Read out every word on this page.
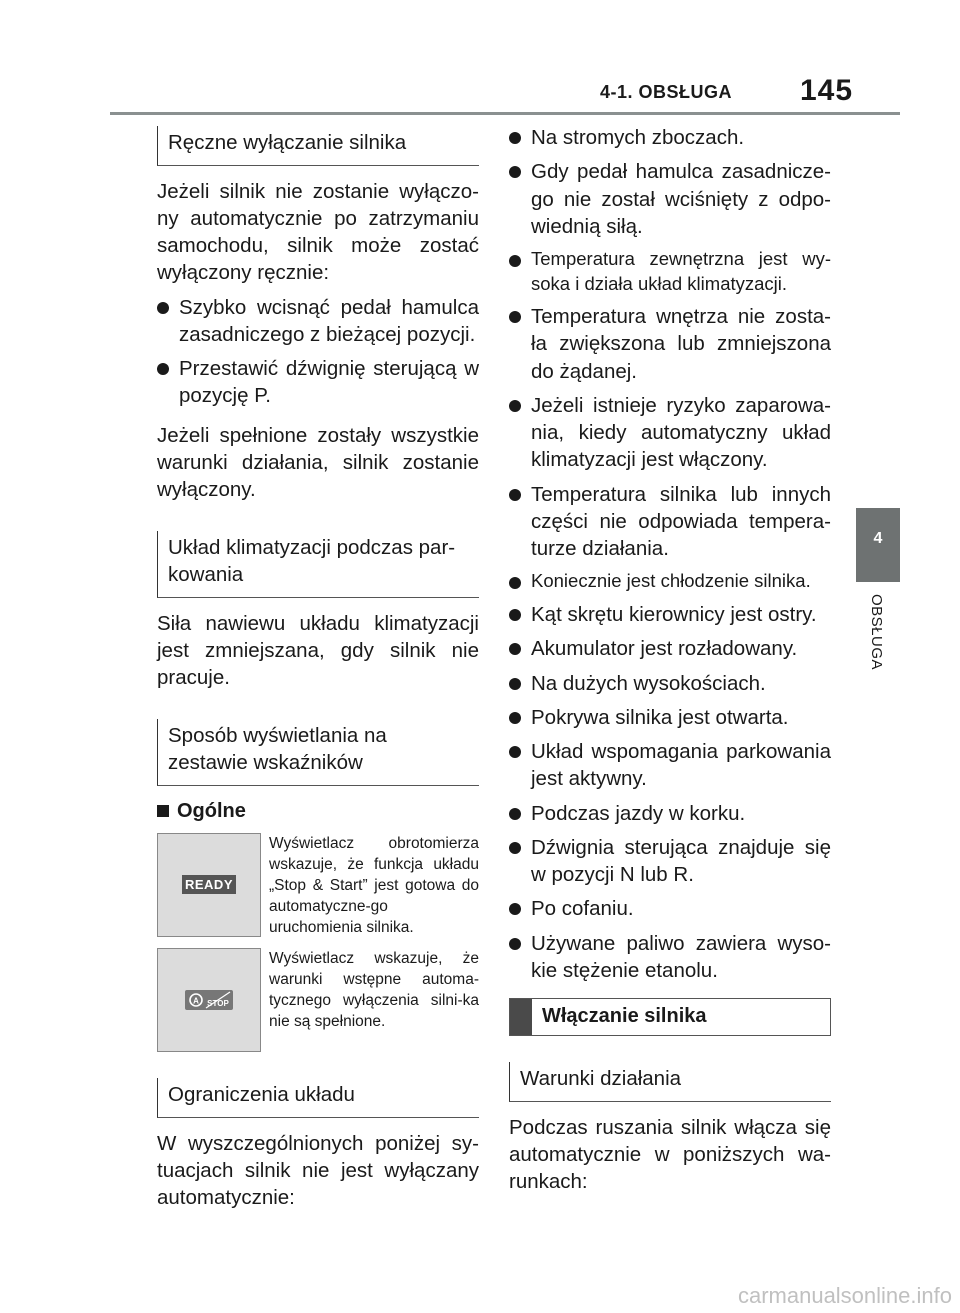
4-1. OBSŁUGA 145
4
OBSŁUGA
Ręczne wyłączanie silnika

Jeżeli silnik nie zostanie wyłączo-ny automatycznie po zatrzymaniu samochodu, silnik może zostać wyłączony ręcznie:

Szybko wcisnąć pedał hamulca zasadniczego z bieżącej pozycji.
Przestawić dźwignię sterującą w pozycję P.

Jeżeli spełnione zostały wszystkie warunki działania, silnik zostanie wyłączony.

Układ klimatyzacji podczas par-kowania

Siła nawiewu układu klimatyzacji jest zmniejszana, gdy silnik nie pracuje.

Sposób wyświetlania na zestawie wskaźników
Ogólne
READY
Wyświetlacz obrotomierza wskazuje, że funkcja układu „Stop & Start” jest gotowa do automatyczne-go uruchomienia silnika.
A STOP
Wyświetlacz wskazuje, że warunki wstępne automa-tycznego wyłączenia silni-ka nie są spełnione.
Ograniczenia układu

W wyszczególnionych poniżej sy-tuacjach silnik nie jest wyłączany automatycznie:

Na stromych zboczach.
Gdy pedał hamulca zasadnicze-go nie został wciśnięty z odpo-wiednią siłą.
Temperatura zewnętrzna jest wy-soka i działa układ klimatyzacji.
Temperatura wnętrza nie zosta-ła zwiększona lub zmniejszona do żądanej.
Jeżeli istnieje ryzyko zaparowa-nia, kiedy automatyczny układ klimatyzacji jest włączony.
Temperatura silnika lub innych części nie odpowiada tempera-turze działania.
Koniecznie jest chłodzenie silnika.
Kąt skrętu kierownicy jest ostry.
Akumulator jest rozładowany.
Na dużych wysokościach.
Pokrywa silnika jest otwarta.
Układ wspomagania parkowania jest aktywny.
Podczas jazdy w korku.
Dźwignia sterująca znajduje się w pozycji N lub R.
Po cofaniu.
Używane paliwo zawiera wyso-kie stężenie etanolu.
Włączanie silnika
Warunki działania

Podczas ruszania silnik włącza się automatycznie w poniższych wa-runkach:

carmanualsonline.info
